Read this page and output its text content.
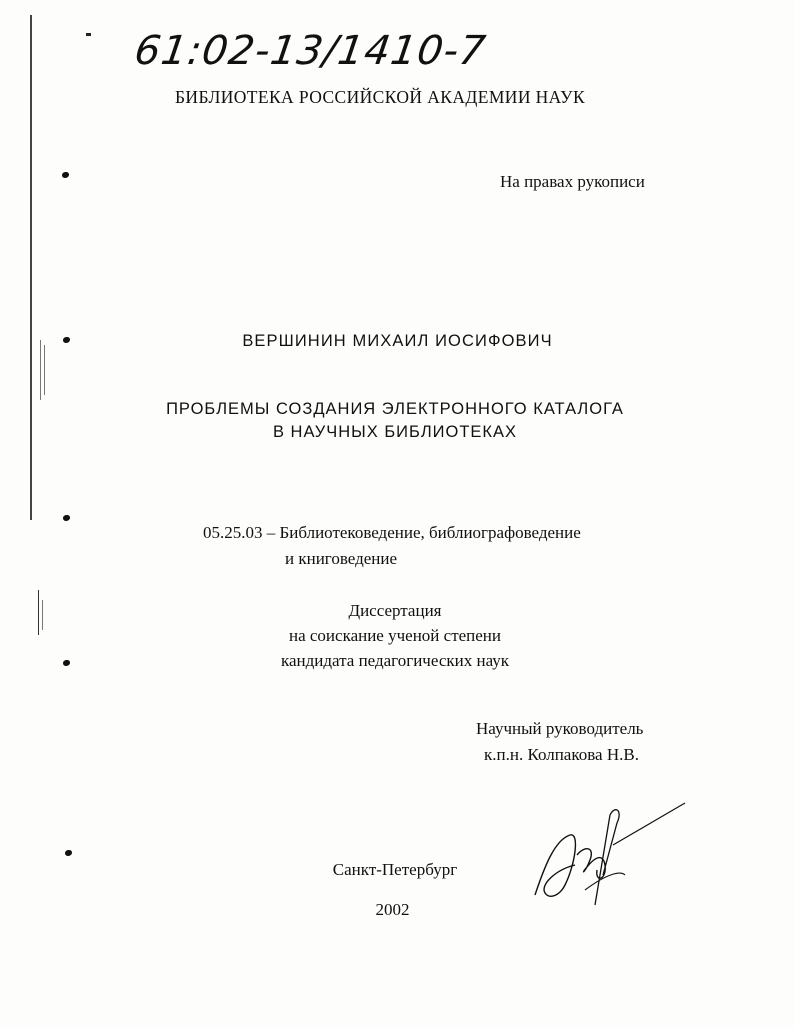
61:02-13/1410-7
БИБЛИОТЕКА РОССИЙСКОЙ АКАДЕМИИ НАУК
На правах рукописи
ВЕРШИНИН МИХАИЛ ИОСИФОВИЧ
ПРОБЛЕМЫ СОЗДАНИЯ ЭЛЕКТРОННОГО КАТАЛОГА
В НАУЧНЫХ БИБЛИОТЕКАХ
05.25.03 – Библиотековедение, библиографоведение
и книговедение
Диссертация
на соискание ученой степени
кандидата педагогических наук
Научный руководитель
к.п.н. Колпакова Н.В.
Санкт-Петербург
2002
